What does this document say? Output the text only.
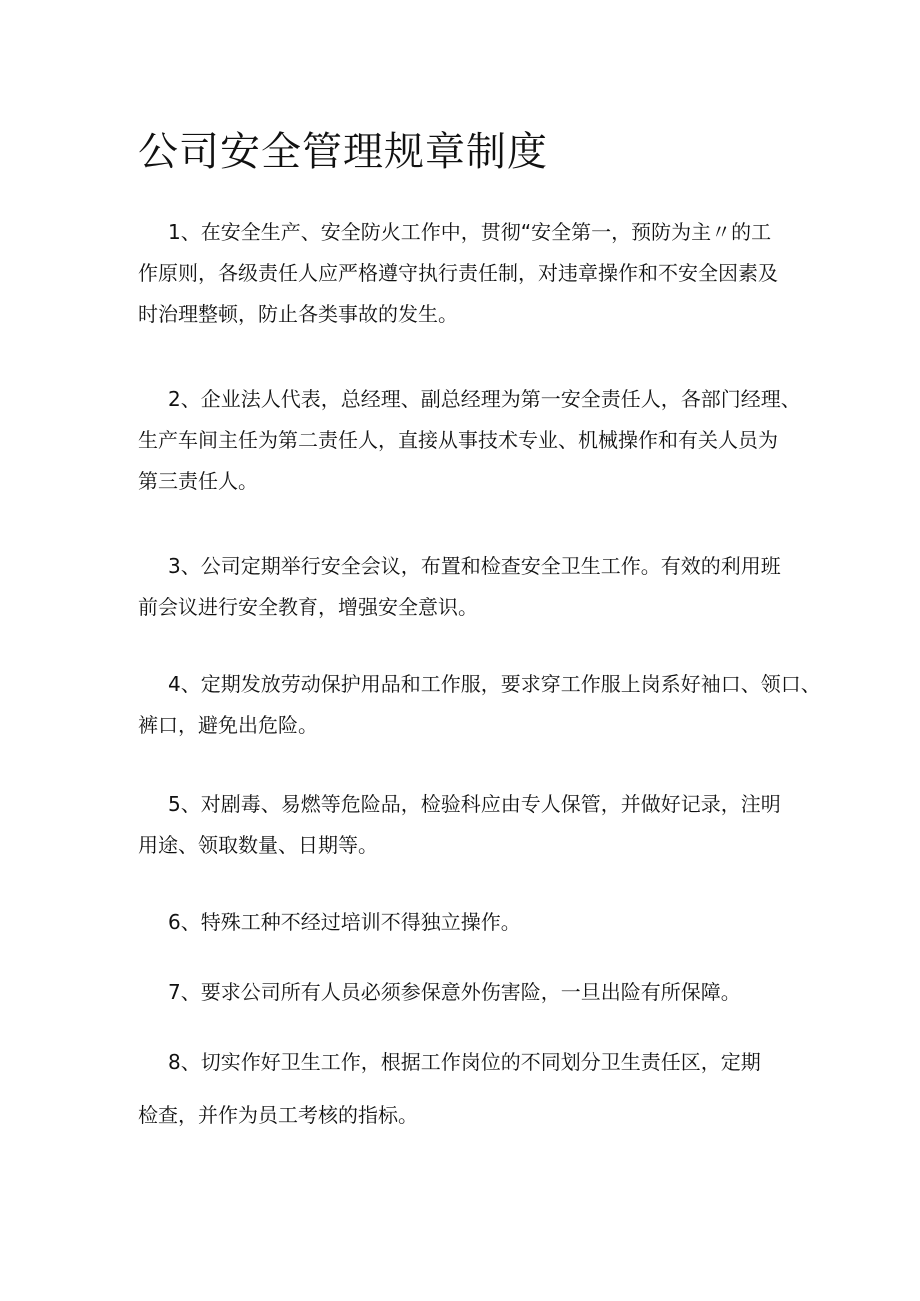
公司安全管理规章制度
1、在安全生产、安全防火工作中，贯彻“安全第一，预防为主〃的工
作原则，各级责任人应严格遵守执行责任制，对违章操作和不安全因素及
时治理整顿，防止各类事故的发生。
2、企业法人代表，总经理、副总经理为第一安全责任人，各部门经理、
生产车间主任为第二责任人，直接从事技术专业、机械操作和有关人员为
第三责任人。
3、公司定期举行安全会议，布置和检查安全卫生工作。有效的利用班
前会议进行安全教育，增强安全意识。
4、定期发放劳动保护用品和工作服，要求穿工作服上岗系好袖口、领口、
裤口，避免出危险。
5、对剧毒、易燃等危险品，检验科应由专人保管，并做好记录，注明
用途、领取数量、日期等。
6、特殊工种不经过培训不得独立操作。
7、要求公司所有人员必须参保意外伤害险，一旦出险有所保障。
8、切实作好卫生工作，根据工作岗位的不同划分卫生责任区，定期
检查，并作为员工考核的指标。
